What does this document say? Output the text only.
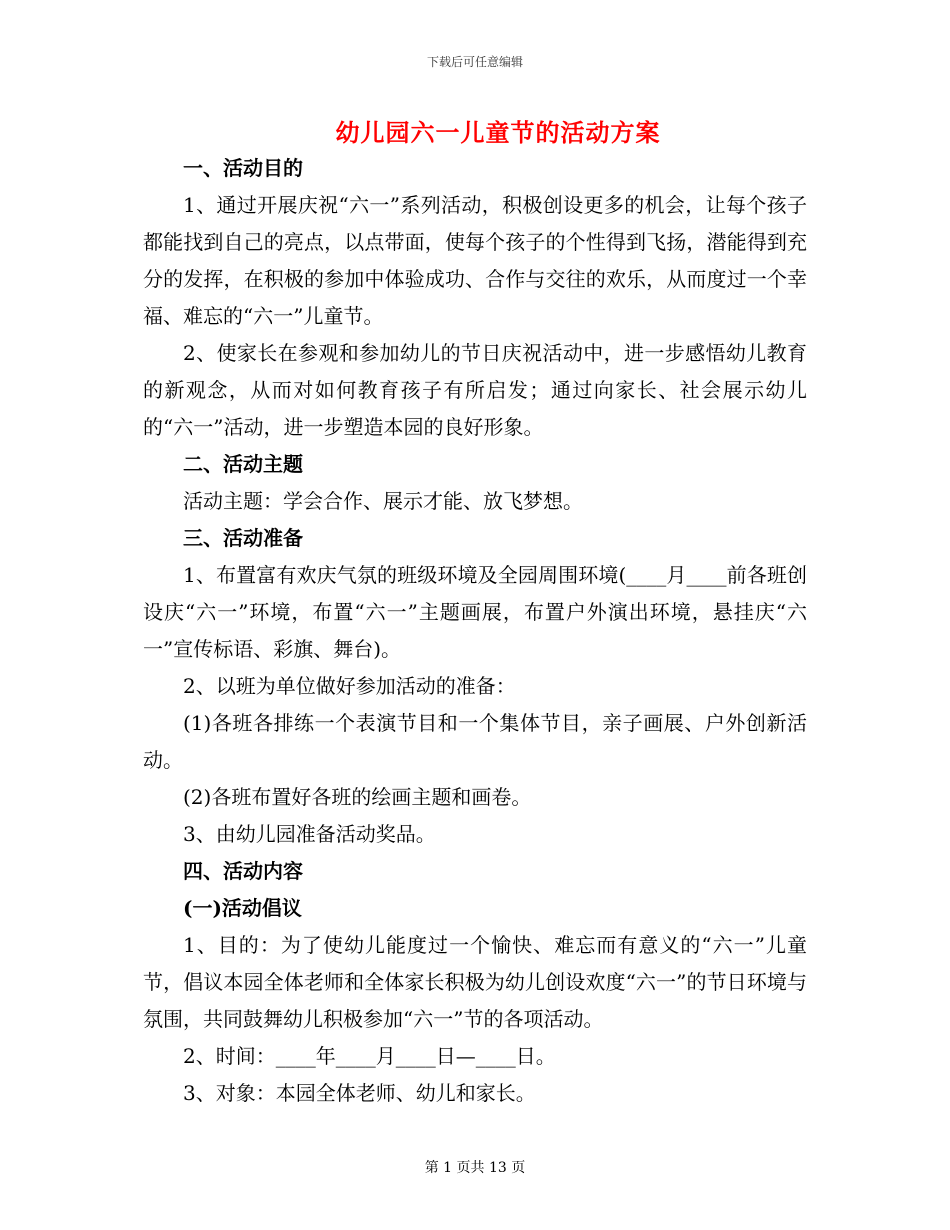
下载后可任意编辑
幼儿园六一儿童节的活动方案

一、活动目的

1、通过开展庆祝“六一”系列活动，积极创设更多的机会，让每个孩子都能找到自己的亮点，以点带面，使每个孩子的个性得到飞扬，潜能得到充分的发挥，在积极的参加中体验成功、合作与交往的欢乐，从而度过一个幸福、难忘的“六一”儿童节。

2、使家长在参观和参加幼儿的节日庆祝活动中，进一步感悟幼儿教育的新观念，从而对如何教育孩子有所启发；通过向家长、社会展示幼儿的“六一”活动，进一步塑造本园的良好形象。

二、活动主题

活动主题：学会合作、展示才能、放飞梦想。

三、活动准备

1、布置富有欢庆气氛的班级环境及全园周围环境(____月____前各班创设庆“六一”环境，布置“六一”主题画展，布置户外演出环境，悬挂庆“六一”宣传标语、彩旗、舞台)。

2、以班为单位做好参加活动的准备：

(1)各班各排练一个表演节目和一个集体节目，亲子画展、户外创新活动。

(2)各班布置好各班的绘画主题和画卷。

3、由幼儿园准备活动奖品。

四、活动内容

(一)活动倡议

1、目的：为了使幼儿能度过一个愉快、难忘而有意义的“六一”儿童节，倡议本园全体老师和全体家长积极为幼儿创设欢度“六一”的节日环境与氛围，共同鼓舞幼儿积极参加“六一”节的各项活动。

2、时间：____年____月____日—____日。

3、对象：本园全体老师、幼儿和家长。

第 1 页共 13 页
